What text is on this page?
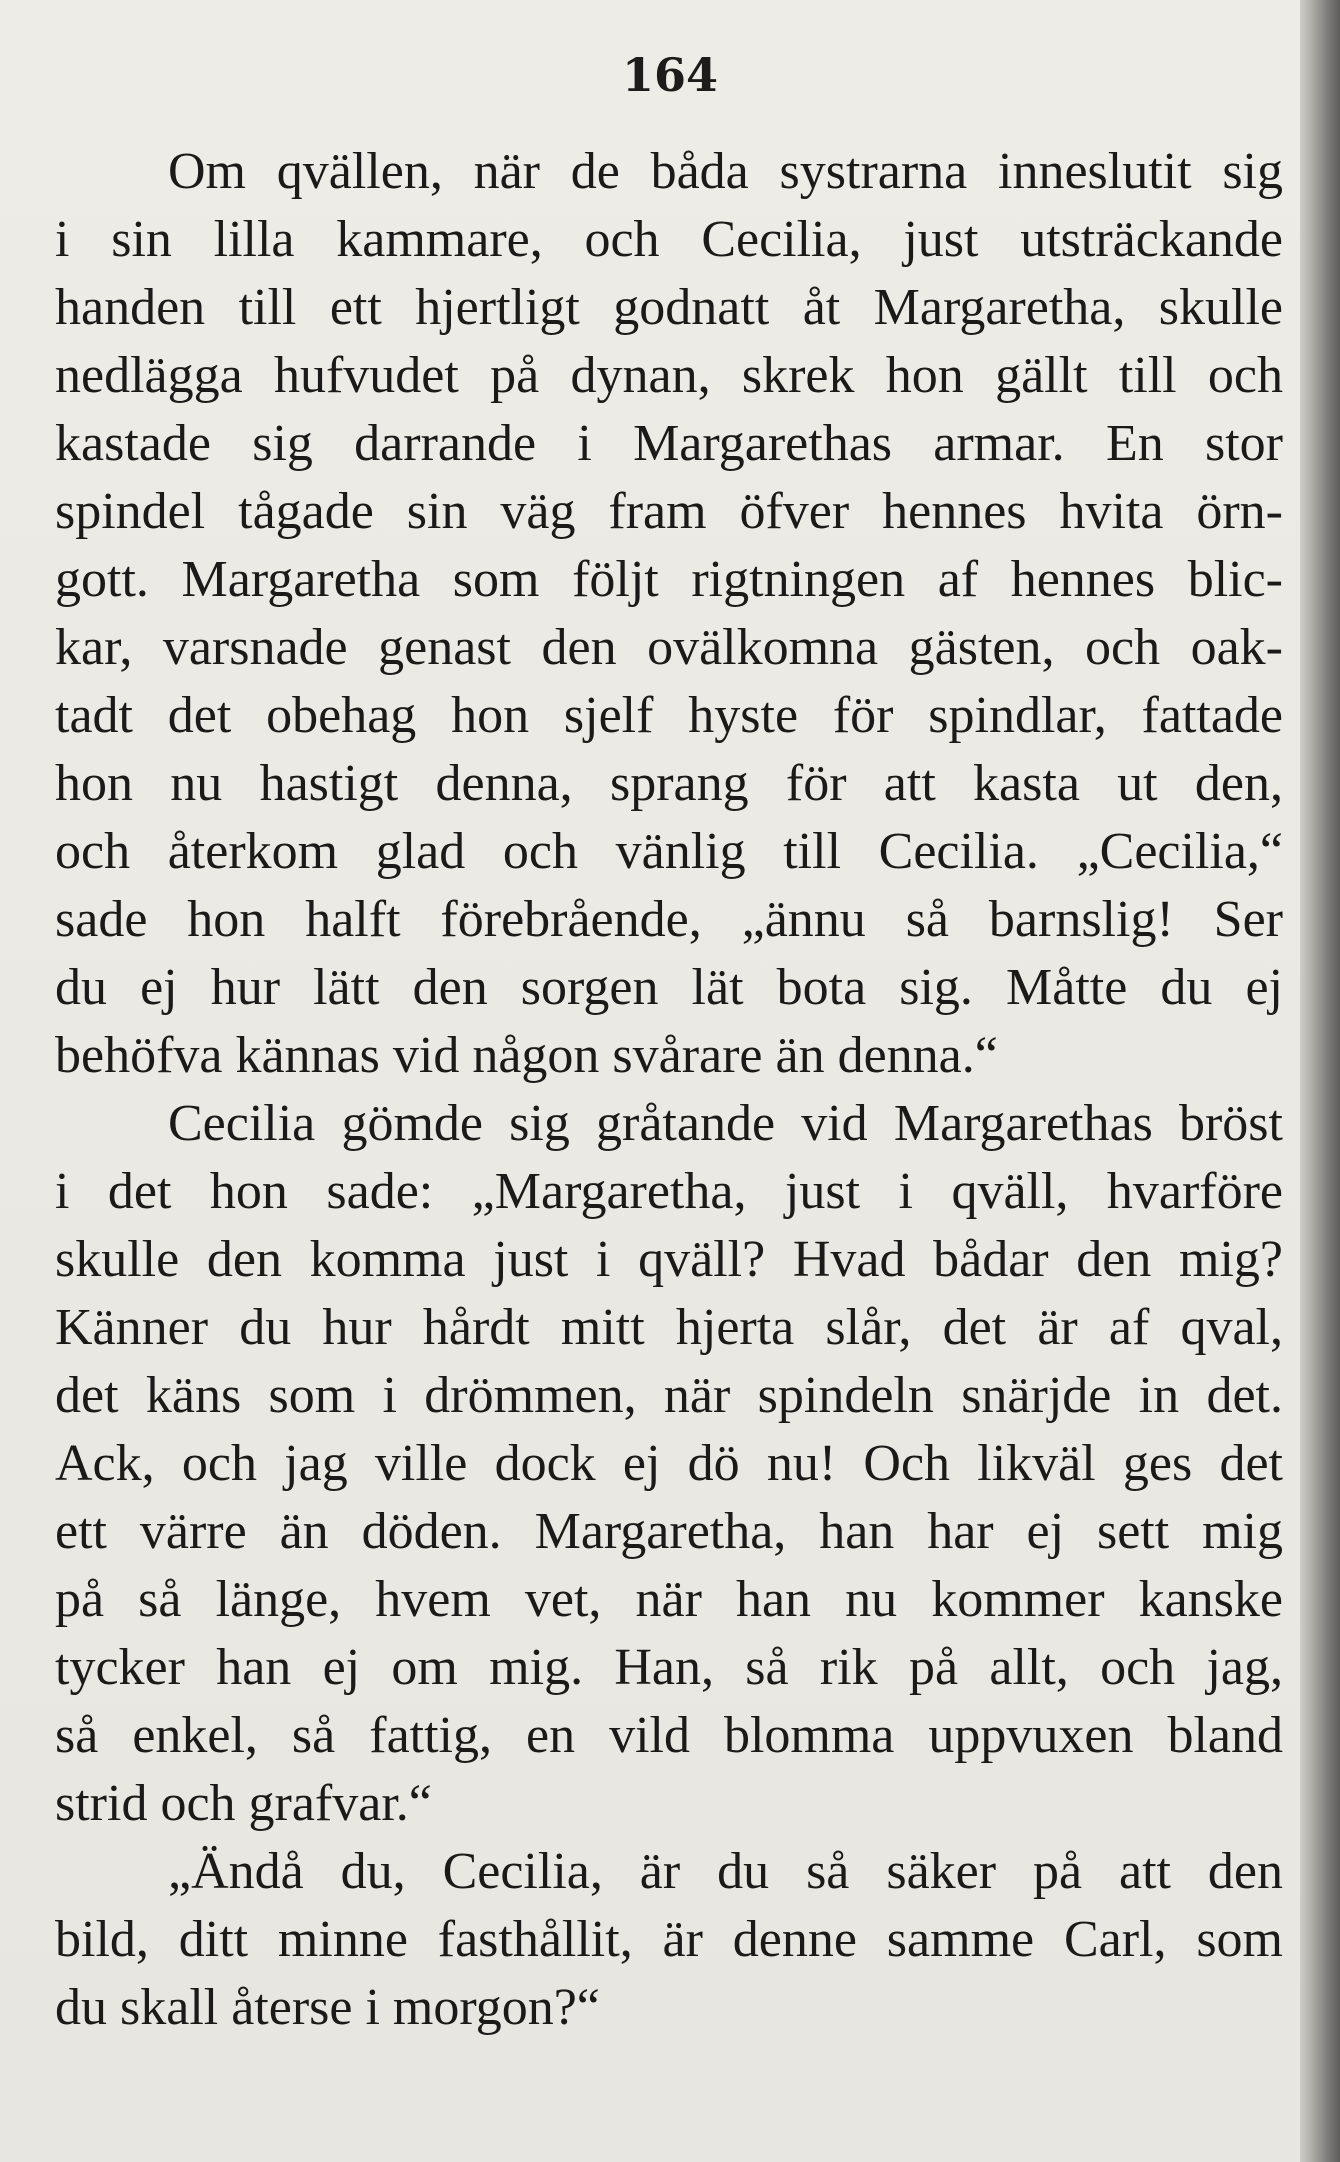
164
Om qvällen, när de båda systrarna inneslutit sig
i sin lilla kammare, och Cecilia, just utsträckande
handen till ett hjertligt godnatt åt Margaretha, skulle
nedlägga hufvudet på dynan, skrek hon gällt till och
kastade sig darrande i Margarethas armar. En stor
spindel tågade sin väg fram öfver hennes hvita örn-
gott. Margaretha som följt rigtningen af hennes blic-
kar, varsnade genast den ovälkomna gästen, och oak-
tadt det obehag hon sjelf hyste för spindlar, fattade
hon nu hastigt denna, sprang för att kasta ut den,
och återkom glad och vänlig till Cecilia. „Cecilia,“
sade hon halft förebrående, „ännu så barnslig! Ser
du ej hur lätt den sorgen lät bota sig. Måtte du ej
behöfva kännas vid någon svårare än denna.“
Cecilia gömde sig gråtande vid Margarethas bröst
i det hon sade: „Margaretha, just i qväll, hvarföre
skulle den komma just i qväll? Hvad bådar den mig?
Känner du hur hårdt mitt hjerta slår, det är af qval,
det käns som i drömmen, när spindeln snärjde in det.
Ack, och jag ville dock ej dö nu! Och likväl ges det
ett värre än döden. Margaretha, han har ej sett mig
på så länge, hvem vet, när han nu kommer kanske
tycker han ej om mig. Han, så rik på allt, och jag,
så enkel, så fattig, en vild blomma uppvuxen bland
strid och grafvar.“
„Ändå du, Cecilia, är du så säker på att den
bild, ditt minne fasthållit, är denne samme Carl, som
du skall återse i morgon?“
